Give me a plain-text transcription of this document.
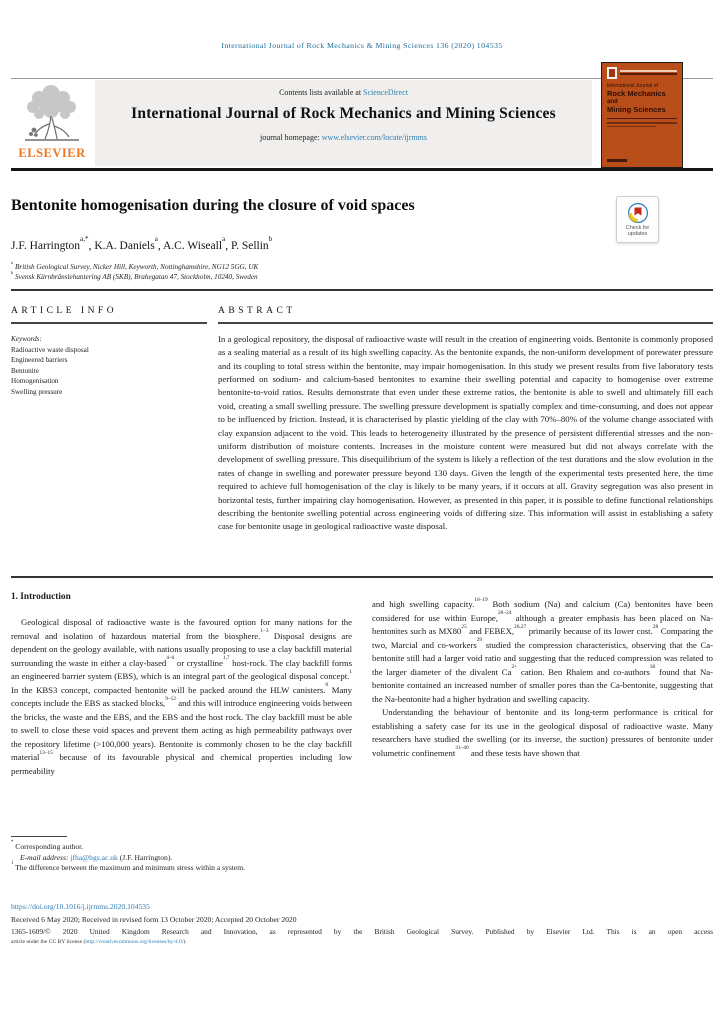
International Journal of Rock Mechanics & Mining Sciences 136 (2020) 104535
ELSEVIER
Contents lists available at ScienceDirect
International Journal of Rock Mechanics and Mining Sciences
journal homepage: www.elsevier.com/locate/ijrmms
International Journal of
Rock Mechanics
and
Mining Sciences
Bentonite homogenisation during the closure of void spaces
Check for
updates
J.F. Harrington$^{a,*}$, K.A. Daniels$^a$, A.C. Wiseall$^a$, P. Sellin$^b$
$^a$ British Geological Survey, Nicker Hill, Keyworth, Nottinghamshire, NG12 5GG, UK
$^b$ Svensk Kärnbränslehantering AB (SKB), Brahegatan 47, Stockholm, 10240, Sweden
ARTICLE INFO
Keywords:
Radioactive waste disposal
Engineered barriers
Bentonite
Homogenisation
Swelling pressure
ABSTRACT
In a geological repository, the disposal of radioactive waste will result in the creation of engineering voids. Bentonite is commonly proposed as a sealing material as a result of its high swelling capacity. As the bentonite expands, the non-uniform development of porewater pressure and its coupling to total stress within the bentonite, may impair homogenisation. In this study we present results from five laboratory tests performed on sodium- and calcium-based bentonites to examine their swelling potential and capacity to homogenise over extreme bentonite-to-void ratios. Results demonstrate that even under these extreme ratios, the bentonite is able to swell and ultimately fill each void, creating a small swelling pressure. The swelling pressure development is spatially complex and time-consuming, and does not appear to be influenced by friction. Instead, it is characterised by plastic yielding of the clay with 70%–80% of the volume change associated with clay expansion adjacent to the void. This leads to heterogeneity illustrated by the presence of persistent differential stresses and the non-uniform distribution of moisture contents. Increases in the moisture content were measured but did not always correlate with the development of swelling pressure. This disequilibrium of the system is likely a reflection of the test durations and the slow evolution in the rates of change in swelling and porewater pressure beyond 130 days. Given the length of the experimental tests presented here, the time required to achieve full homogenisation of the clay is likely to be many years, if it occurs at all. Gravity segregation was also present in horizontal tests, further impairing clay homogenisation. However, as presented in this paper, it is possible to define functional relationships describing the bentonite swelling potential across engineering voids of differing size. This information will assist in establishing a safety case for bentonite usage in geological radioactive waste disposal.
1. Introduction

Geological disposal of radioactive waste is the favoured option for many nations for the removal and isolation of hazardous material from the biosphere.$^{1-3}$ Disposal designs are dependent on the geology available, with nations usually proposing to use a clay backfill material surrounding the waste in either a clay-based$^{4-6}$ or crystalline$^{1,7}$ host-rock. The clay backfill forms an engineered barrier system (EBS), which is an integral part of the geological disposal concept.$^1$ In the KBS3 concept, compacted bentonite will be packed around the HLW canisters.$^8$ Many concepts include the EBS as stacked blocks,$^{9-12}$ and this will introduce engineering voids between the bricks, the waste and the EBS, and the EBS and the host rock. The clay backfill must be able to swell to close these void spaces and prevent them acting as high permeability pathways over the repository lifetime (>100,000 years). Bentonite is commonly chosen to be the clay backfill material$^{13-15}$ because of its favourable physical and chemical properties including low permeability

and high swelling capacity.$^{16-19}$ Both sodium (Na) and calcium (Ca) bentonites have been considered for use within Europe,$^{20-24}$ although a greater emphasis has been placed on Na-bentonites such as $MX80^{25}$ and FEBEX,$^{26,27}$ primarily because of its lower cost.$^{28}$ Comparing the two, Marcial and co-workers$^{29}$ studied the compression characteristics, observing that the Ca-bentonite still had a larger void ratio and suggesting that the reduced compression was related to the larger diameter of the divalent $Ca^{2+}$ cation. Ben Rhaïem and co-authors$^{30}$ found that Na-bentonite contained an increased number of smaller pores than the Ca-bentonite, suggesting that the Na-bentonite had a higher hydration and swelling capacity.

Understanding the behaviour of bentonite and its long-term performance is critical for establishing a safety case for its use in the geological disposal of radioactive waste. Many researchers have studied the swelling (or its inverse, the suction) pressures of bentonite under volumetric confinement$^{31-40}$ and these tests have shown that

* Corresponding author.
E-mail address: jfha@bgs.ac.uk (J.F. Harrington).
$^1$ The difference between the maximum and minimum stress within a system.
https://doi.org/10.1016/j.ijrmms.2020.104535
Received 6 May 2020; Received in revised form 13 October 2020; Accepted 20 October 2020
1365-1609/© 2020 United Kingdom Research and Innovation, as represented by the British Geological Survey. Published by Elsevier Ltd. This is an open access
article under the CC BY license (http://creativecommons.org/licenses/by/4.0/).
